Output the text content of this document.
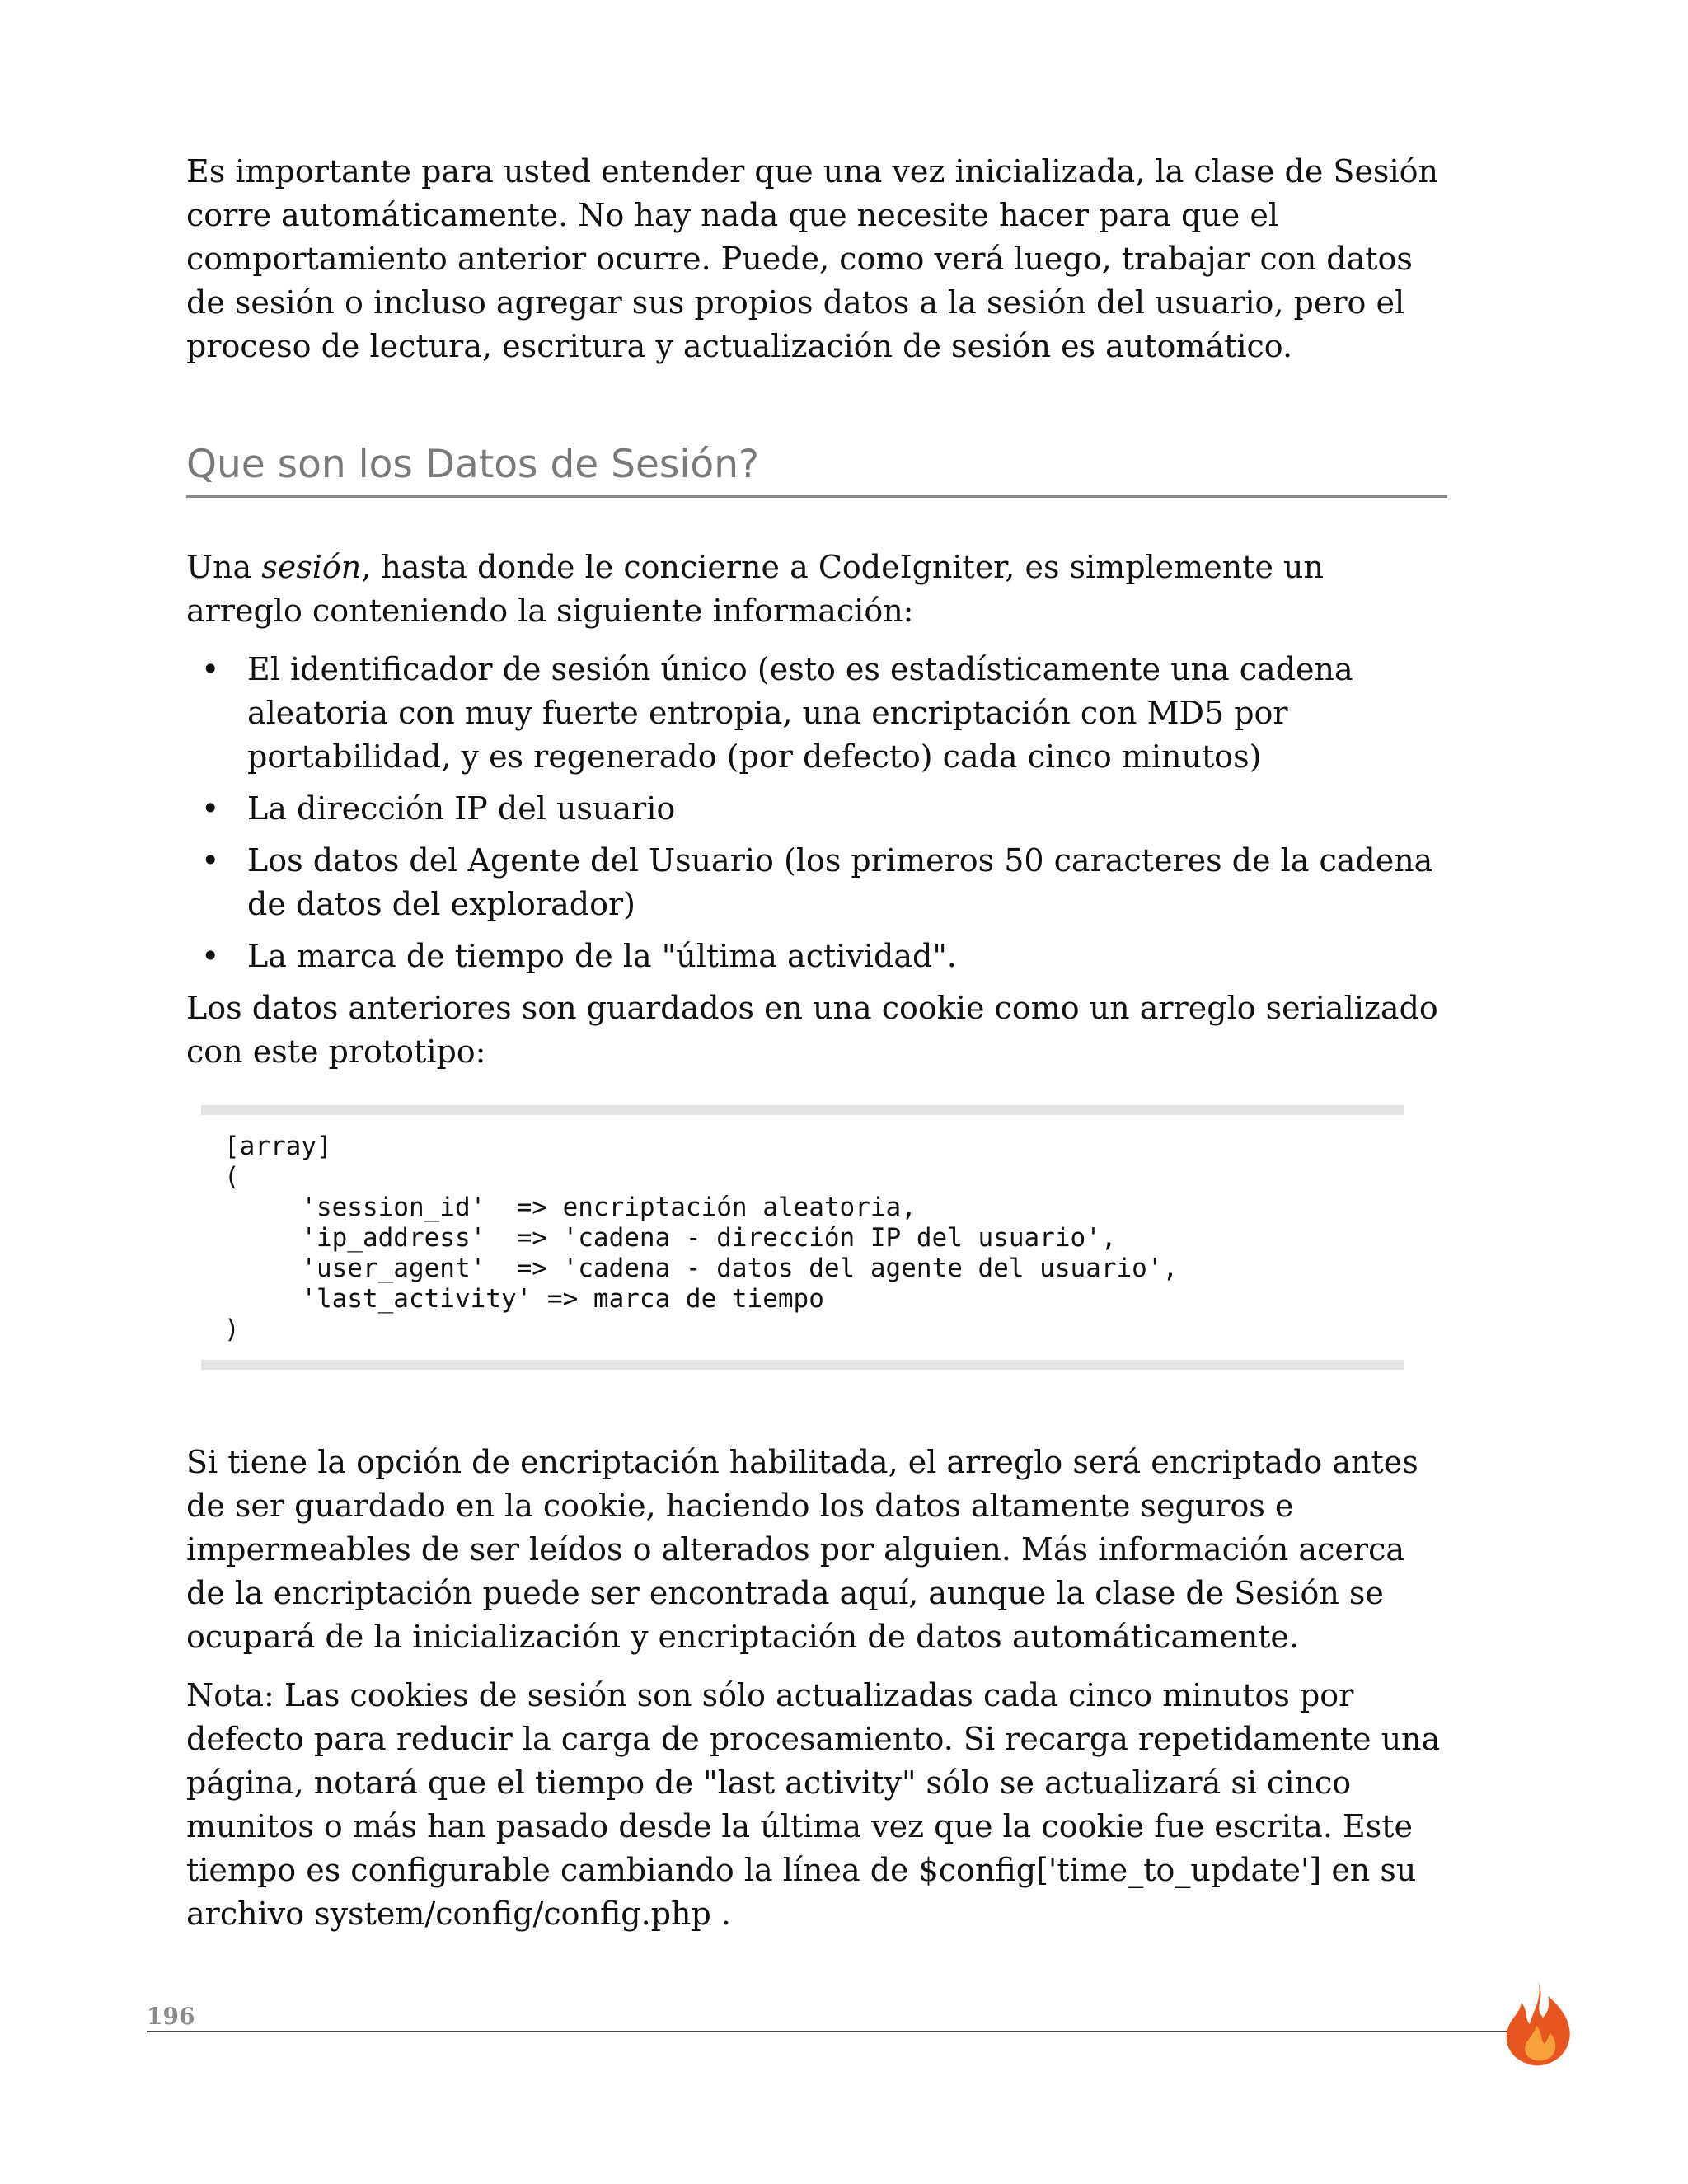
Es importante para usted entender que una vez inicializada, la clase de Sesión corre automáticamente. No hay nada que necesite hacer para que el comportamiento anterior ocurre. Puede, como verá luego, trabajar con datos de sesión o incluso agregar sus propios datos a la sesión del usuario, pero el proceso de lectura, escritura y actualización de sesión es automático.

Que son los Datos de Sesión?

Una sesión, hasta donde le concierne a CodeIgniter, es simplemente un arreglo conteniendo la siguiente información:

• El identificador de sesión único (esto es estadísticamente una cadena aleatoria con muy fuerte entropia, una encriptación con MD5 por portabilidad, y es regenerado (por defecto) cada cinco minutos)
• La dirección IP del usuario
• Los datos del Agente del Usuario (los primeros 50 caracteres de la cadena de datos del explorador)
• La marca de tiempo de la "última actividad".

Los datos anteriores son guardados en una cookie como un arreglo serializado con este prototipo:

[array]
(
'session_id'  => encriptación aleatoria,
'ip_address'  => 'cadena - dirección IP del usuario',
'user_agent'  => 'cadena - datos del agente del usuario',
'last_activity' => marca de tiempo
)

Si tiene la opción de encriptación habilitada, el arreglo será encriptado antes de ser guardado en la cookie, haciendo los datos altamente seguros e impermeables de ser leídos o alterados por alguien. Más información acerca de la encriptación puede ser encontrada aquí, aunque la clase de Sesión se ocupará de la inicialización y encriptación de datos automáticamente.

Nota: Las cookies de sesión son sólo actualizadas cada cinco minutos por defecto para reducir la carga de procesamiento. Si recarga repetidamente una página, notará que el tiempo de "last activity" sólo se actualizará si cinco munitos o más han pasado desde la última vez que la cookie fue escrita. Este tiempo es configurable cambiando la línea de $config['time_to_update'] en su archivo system/config/config.php .

196
